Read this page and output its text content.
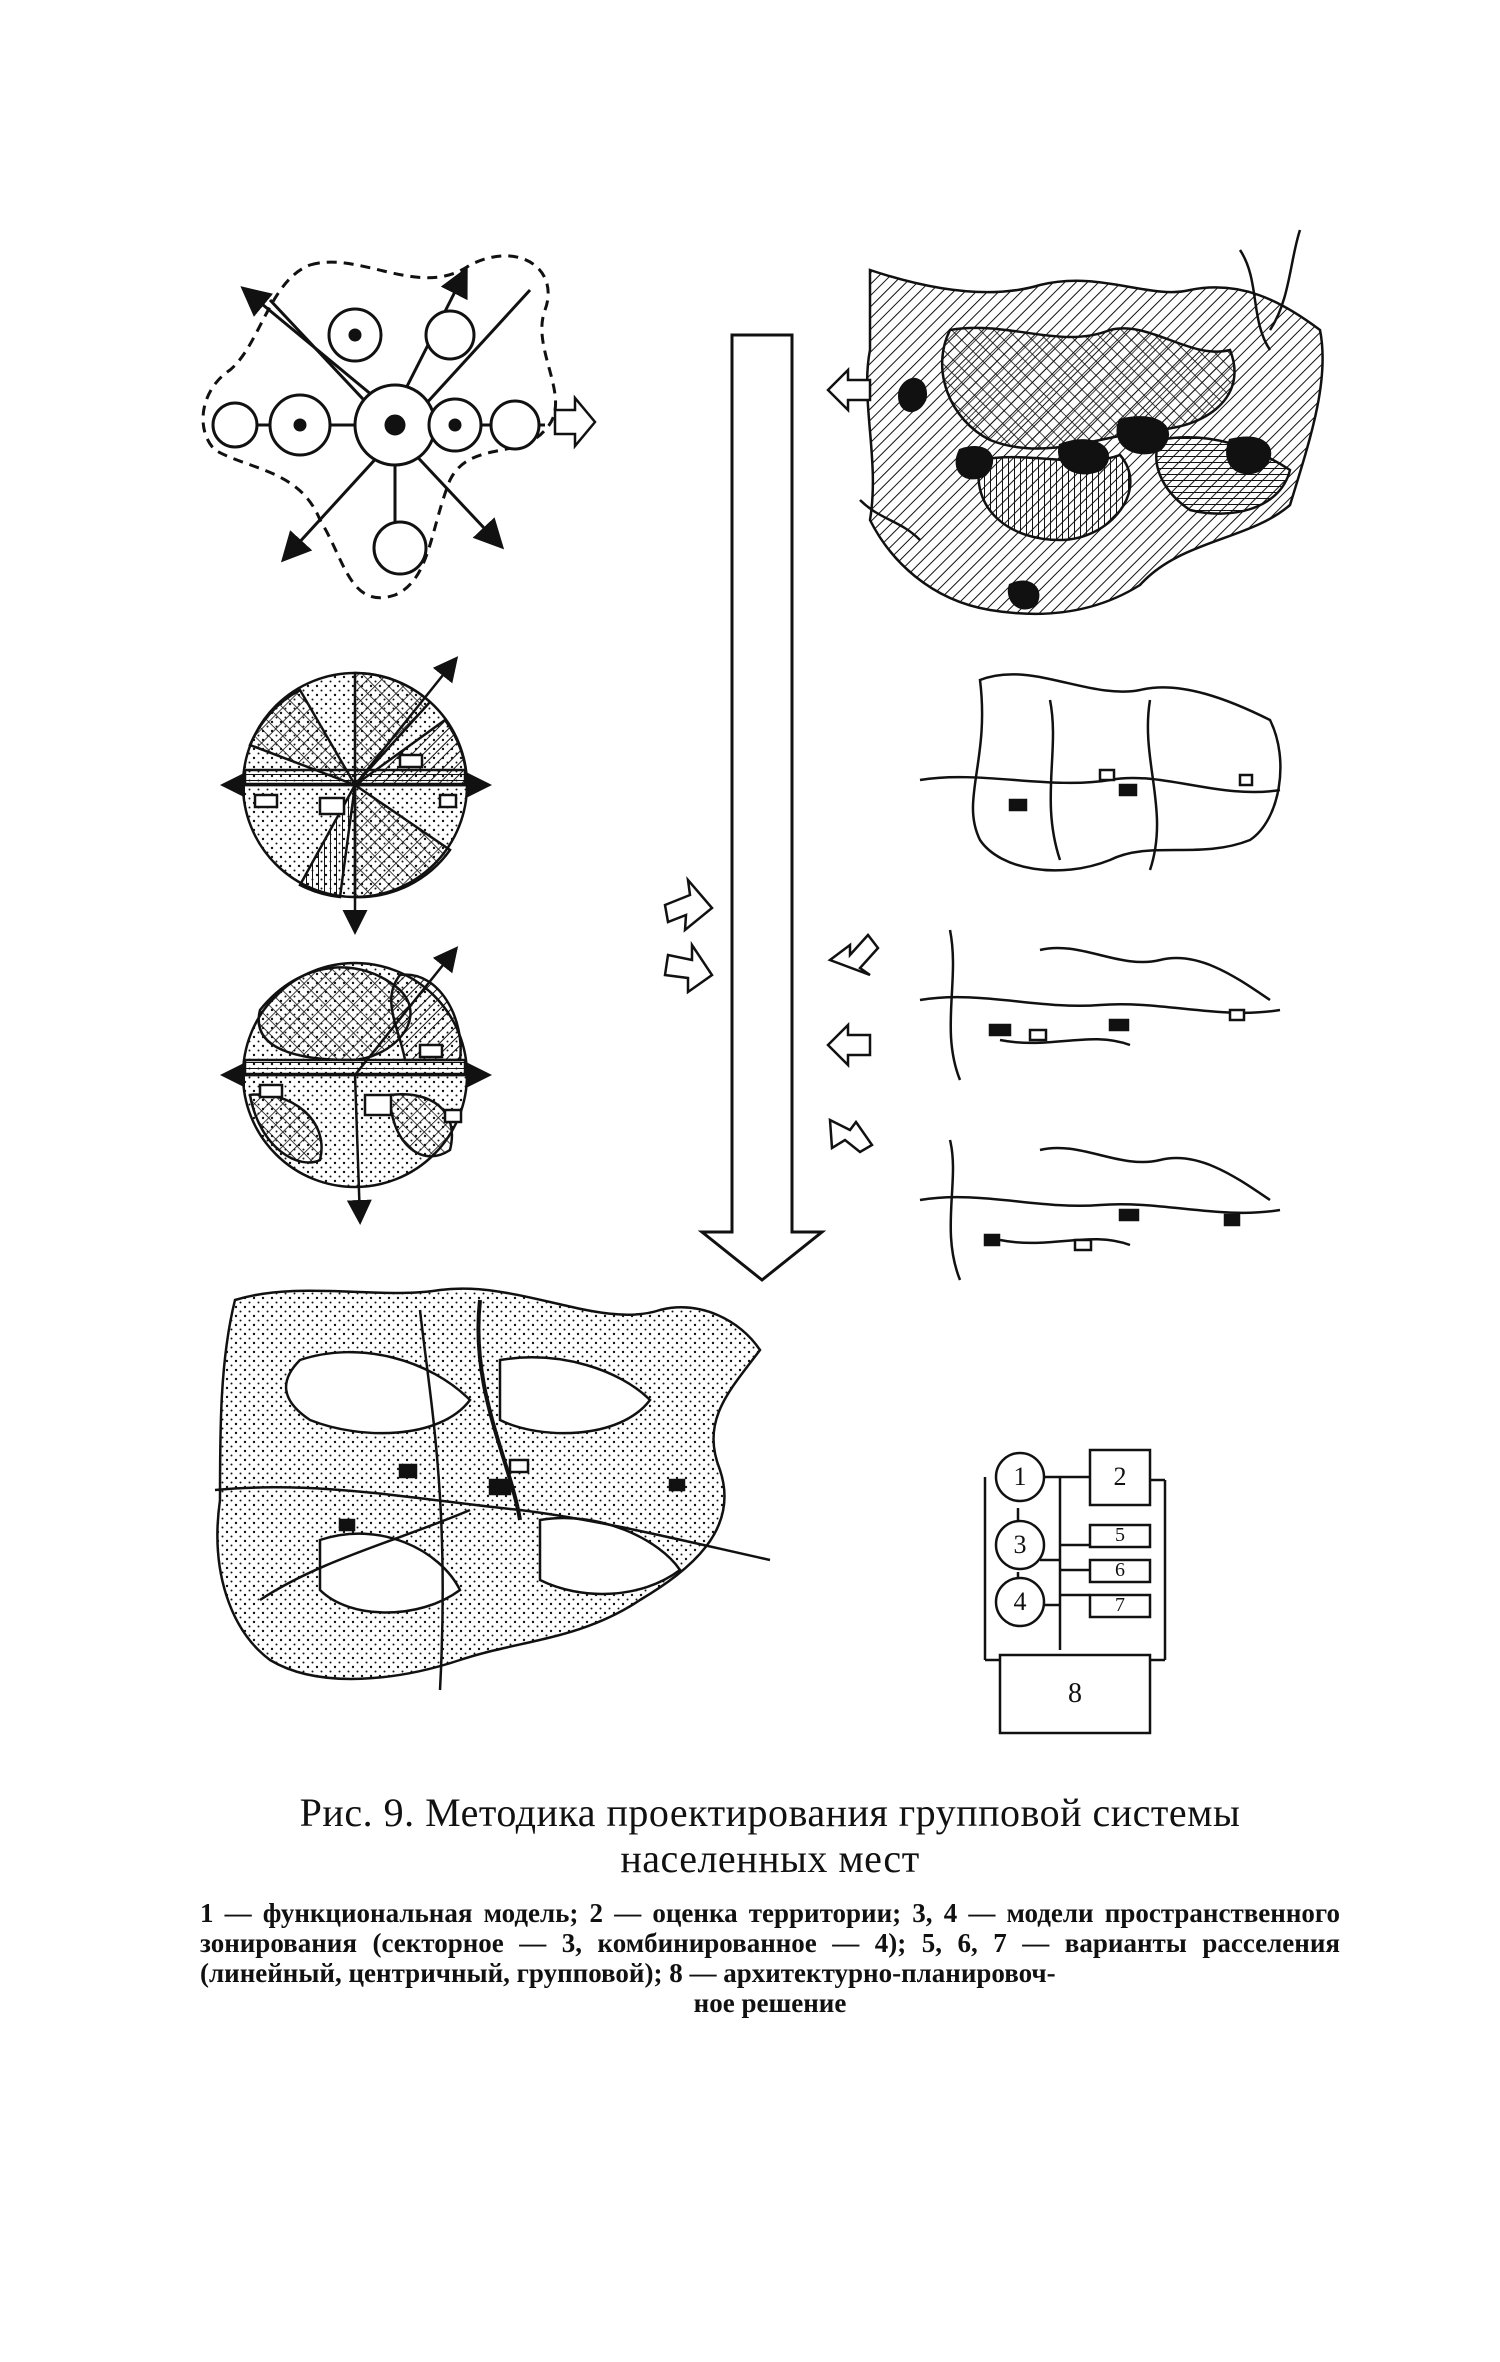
1	2
3
4
5
6
7
8
Рис. 9. Методика проектирования групповой системы населенных мест
1 — функциональная модель; 2 — оценка территории; 3, 4 — модели пространственного зонирования (секторное — 3, комбинированное — 4); 5, 6, 7 — варианты расселения (линейный, центричный, групповой); 8 — архитектурно-планировоч-
ное решение
